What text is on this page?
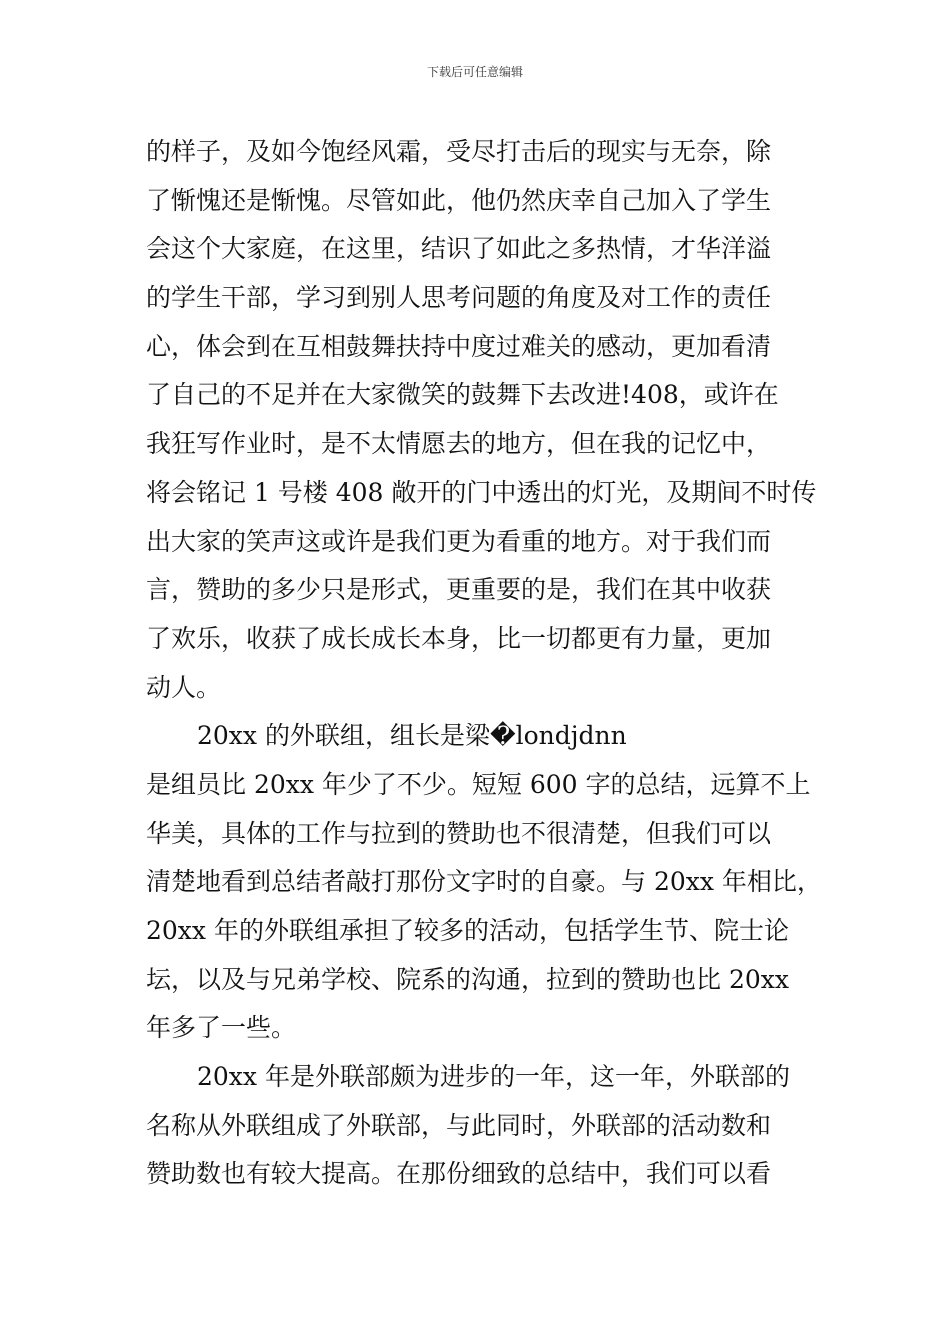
下载后可任意编辑
的样子，及如今饱经风霜，受尽打击后的现实与无奈，除
了惭愧还是惭愧。尽管如此，他仍然庆幸自己加入了学生
会这个大家庭，在这里，结识了如此之多热情，才华洋溢
的学生干部，学习到别人思考问题的角度及对工作的责任
心，体会到在互相鼓舞扶持中度过难关的感动，更加看清
了自己的不足并在大家微笑的鼓舞下去改进!408，或许在
我狂写作业时，是不太情愿去的地方，但在我的记忆中，
将会铭记 1 号楼 408 敞开的门中透出的灯光，及期间不时传
出大家的笑声这或许是我们更为看重的地方。对于我们而
言，赞助的多少只是形式，更重要的是，我们在其中收获
了欢乐，收获了成长成长本身，比一切都更有力量，更加
动人。
20xx 的外联组，组长是梁�londjdnn
是组员比 20xx 年少了不少。短短 600 字的总结，远算不上
华美，具体的工作与拉到的赞助也不很清楚，但我们可以
清楚地看到总结者敲打那份文字时的自豪。与 20xx 年相比，
20xx 年的外联组承担了较多的活动，包括学生节、院士论
坛，以及与兄弟学校、院系的沟通，拉到的赞助也比 20xx
年多了一些。
20xx 年是外联部颇为进步的一年，这一年，外联部的
名称从外联组成了外联部，与此同时，外联部的活动数和
赞助数也有较大提高。在那份细致的总结中，我们可以看
